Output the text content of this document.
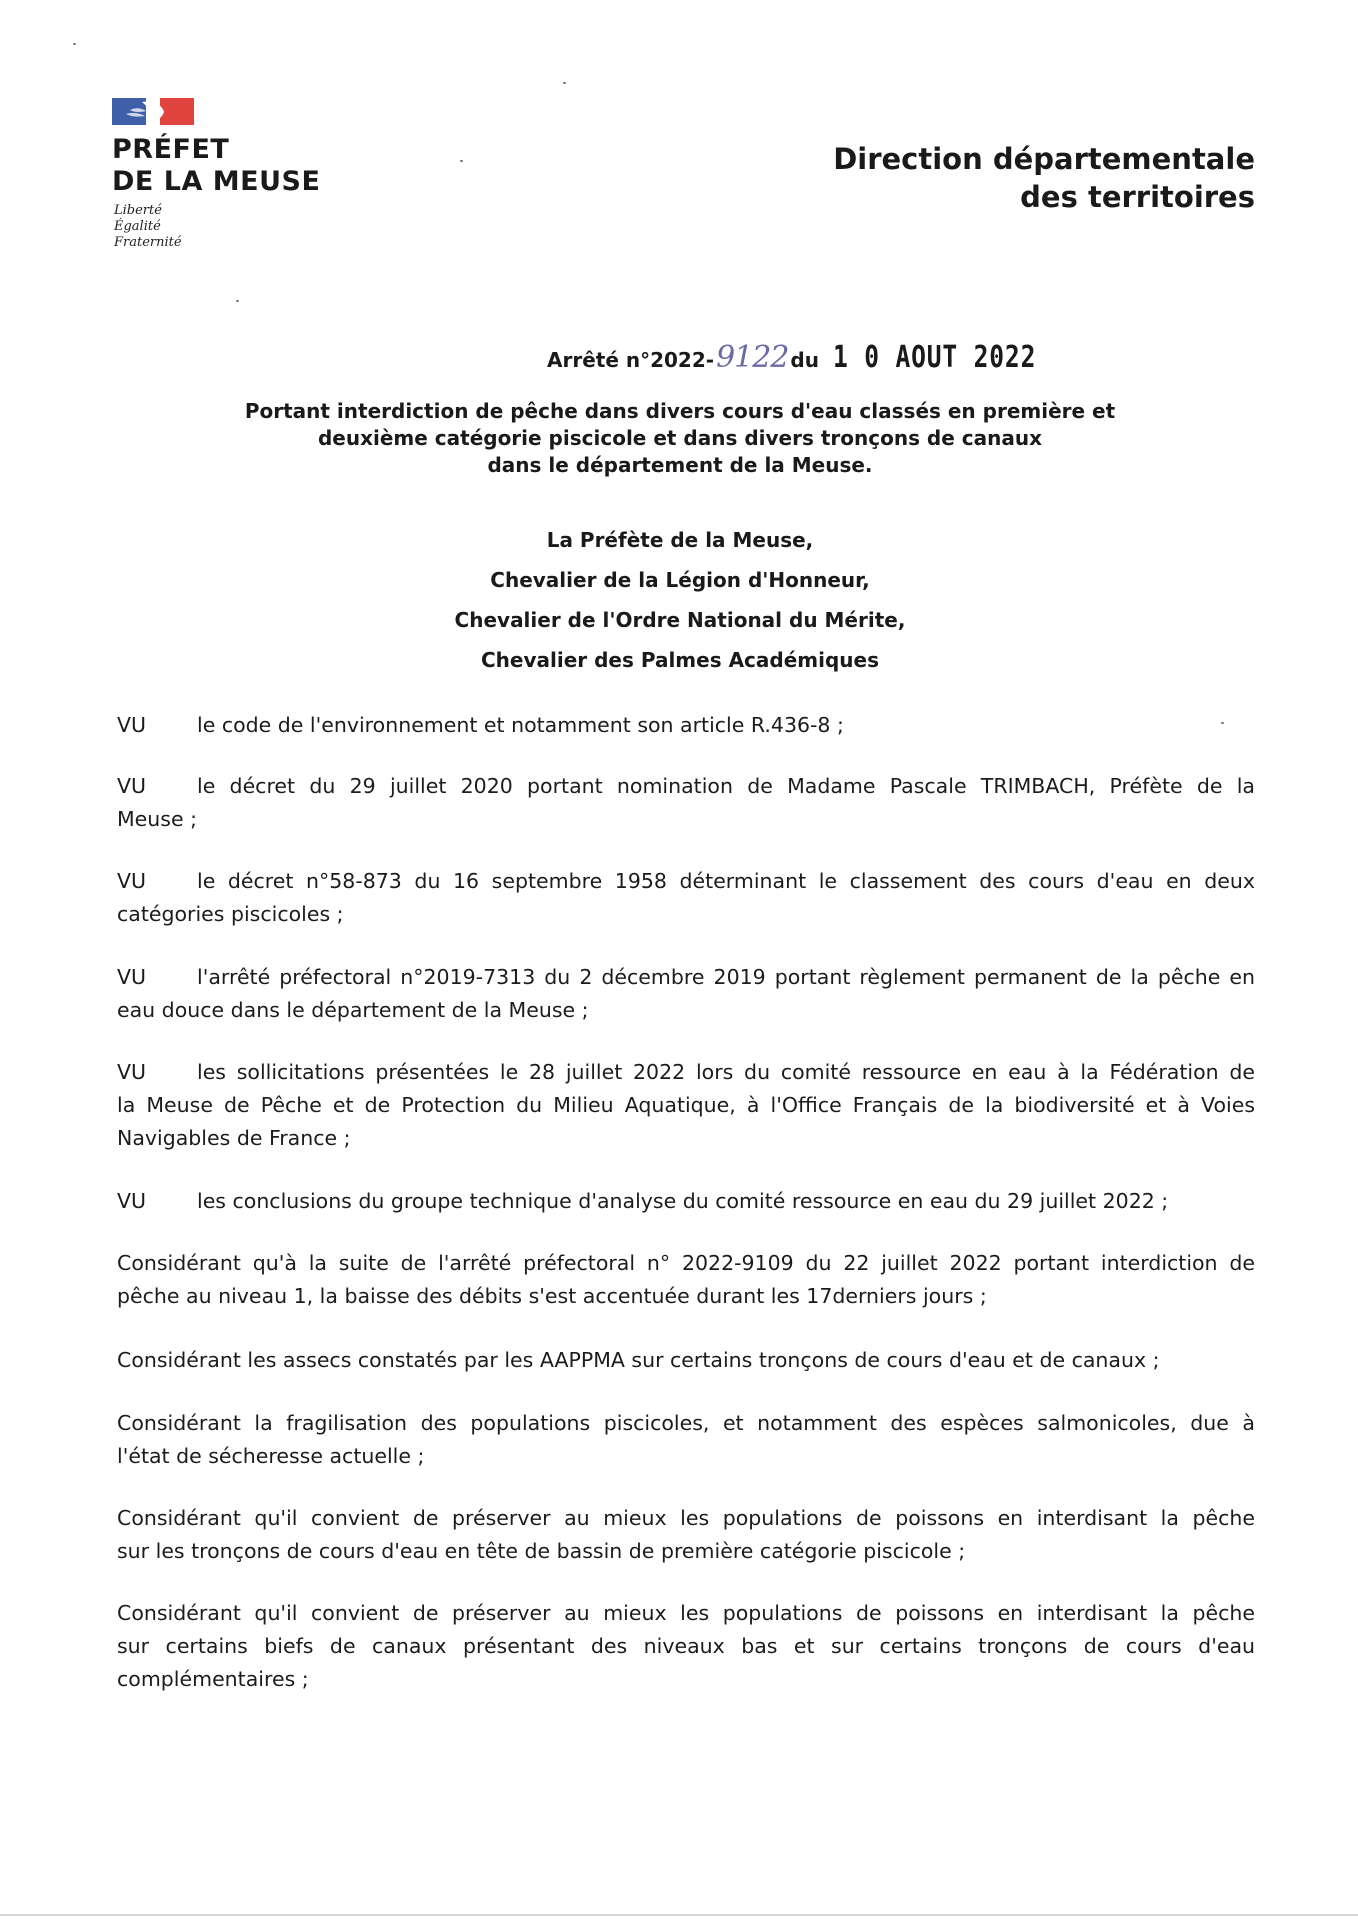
PRÉFET
DE LA MEUSE
Liberté
Égalité
Fraternité
Direction départementale
des territoires
Arrêté n°2022-9122 du 1 0 AOUT 2022
Portant interdiction de pêche dans divers cours d'eau classés en première et
deuxième catégorie piscicole et dans divers tronçons de canaux
dans le département de la Meuse.
La Préfète de la Meuse,
Chevalier de la Légion d'Honneur,
Chevalier de l'Ordre National du Mérite,
Chevalier des Palmes Académiques
VU le code de l'environnement et notamment son article R.436-8 ;
VU le décret du 29 juillet 2020 portant nomination de Madame Pascale TRIMBACH, Préfète de la
Meuse ;
VU le décret n°58-873 du 16 septembre 1958 déterminant le classement des cours d'eau en deux
catégories piscicoles ;
VU l'arrêté préfectoral n°2019-7313 du 2 décembre 2019 portant règlement permanent de la pêche en
eau douce dans le département de la Meuse ;
VU les sollicitations présentées le 28 juillet 2022 lors du comité ressource en eau à la Fédération de
la Meuse de Pêche et de Protection du Milieu Aquatique, à l'Office Français de la biodiversité et à Voies
Navigables de France ;
VU les conclusions du groupe technique d'analyse du comité ressource en eau du 29 juillet 2022 ;
Considérant qu'à la suite de l'arrêté préfectoral n° 2022-9109 du 22 juillet 2022 portant interdiction de
pêche au niveau 1, la baisse des débits s'est accentuée durant les 17derniers jours ;
Considérant les assecs constatés par les AAPPMA sur certains tronçons de cours d'eau et de canaux ;
Considérant la fragilisation des populations piscicoles, et notamment des espèces salmonicoles, due à
l'état de sécheresse actuelle ;
Considérant qu'il convient de préserver au mieux les populations de poissons en interdisant la pêche
sur les tronçons de cours d'eau en tête de bassin de première catégorie piscicole ;
Considérant qu'il convient de préserver au mieux les populations de poissons en interdisant la pêche
sur certains biefs de canaux présentant des niveaux bas et sur certains tronçons de cours d'eau
complémentaires ;
